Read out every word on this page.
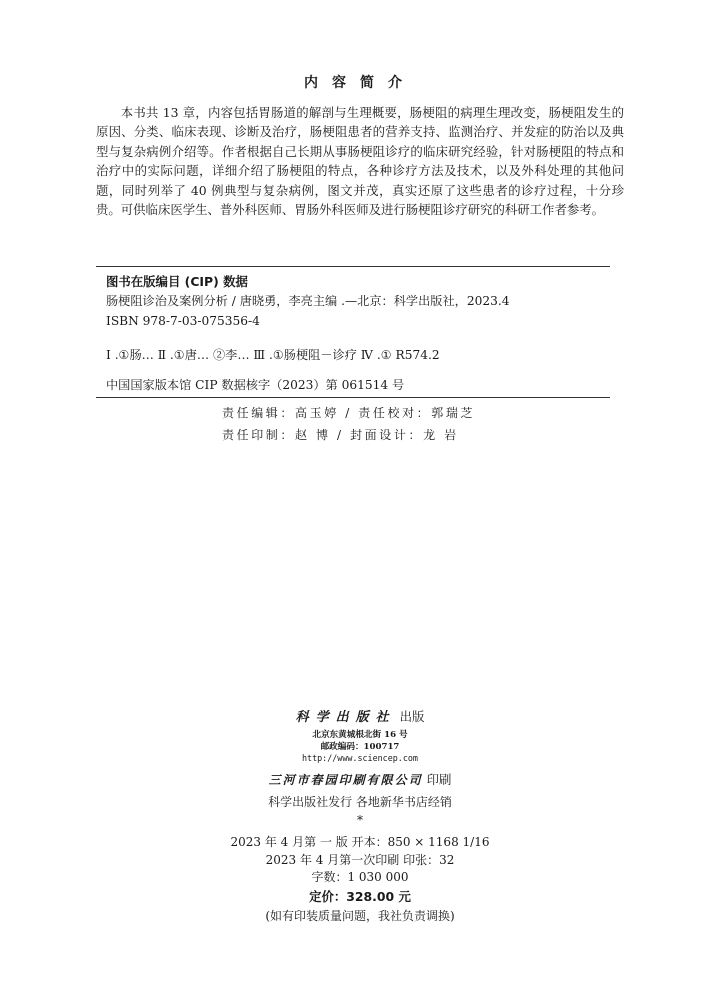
内容简介
本书共 13 章，内容包括胃肠道的解剖与生理概要，肠梗阻的病理生理改变，肠梗阻发生的原因、分类、临床表现、诊断及治疗，肠梗阻患者的营养支持、监测治疗、并发症的防治以及典型与复杂病例介绍等。作者根据自己长期从事肠梗阻诊疗的临床研究经验，针对肠梗阻的特点和治疗中的实际问题，详细介绍了肠梗阻的特点，各种诊疗方法及技术，以及外科处理的其他问题，同时列举了 40 例典型与复杂病例，图文并茂，真实还原了这些患者的诊疗过程，十分珍贵。可供临床医学生、普外科医师、胃肠外科医师及进行肠梗阻诊疗研究的科研工作者参考。
图书在版编目 (CIP) 数据
肠梗阻诊治及案例分析 / 唐晓勇，李亮主编 .—北京：科学出版社，2023.4
ISBN 978-7-03-075356-4
Ⅰ .①肠… Ⅱ .①唐… ②李… Ⅲ .①肠梗阻－诊疗 Ⅳ .① R574.2
中国国家版本馆 CIP 数据核字（2023）第 061514 号
责任编辑：高玉婷 / 责任校对：郭瑞芝
责任印制：赵 博 / 封面设计：龙 岩
科学出版社 出版
北京东黄城根北街 16 号
邮政编码：100717
http://www.sciencep.com
三河市春园印刷有限公司 印刷
科学出版社发行 各地新华书店经销
*
2023 年 4 月第 一 版 开本：850 × 1168 1/16
2023 年 4 月第一次印刷 印张：32
字数：1 030 000
定价：328.00 元
(如有印装质量问题，我社负责调换)
